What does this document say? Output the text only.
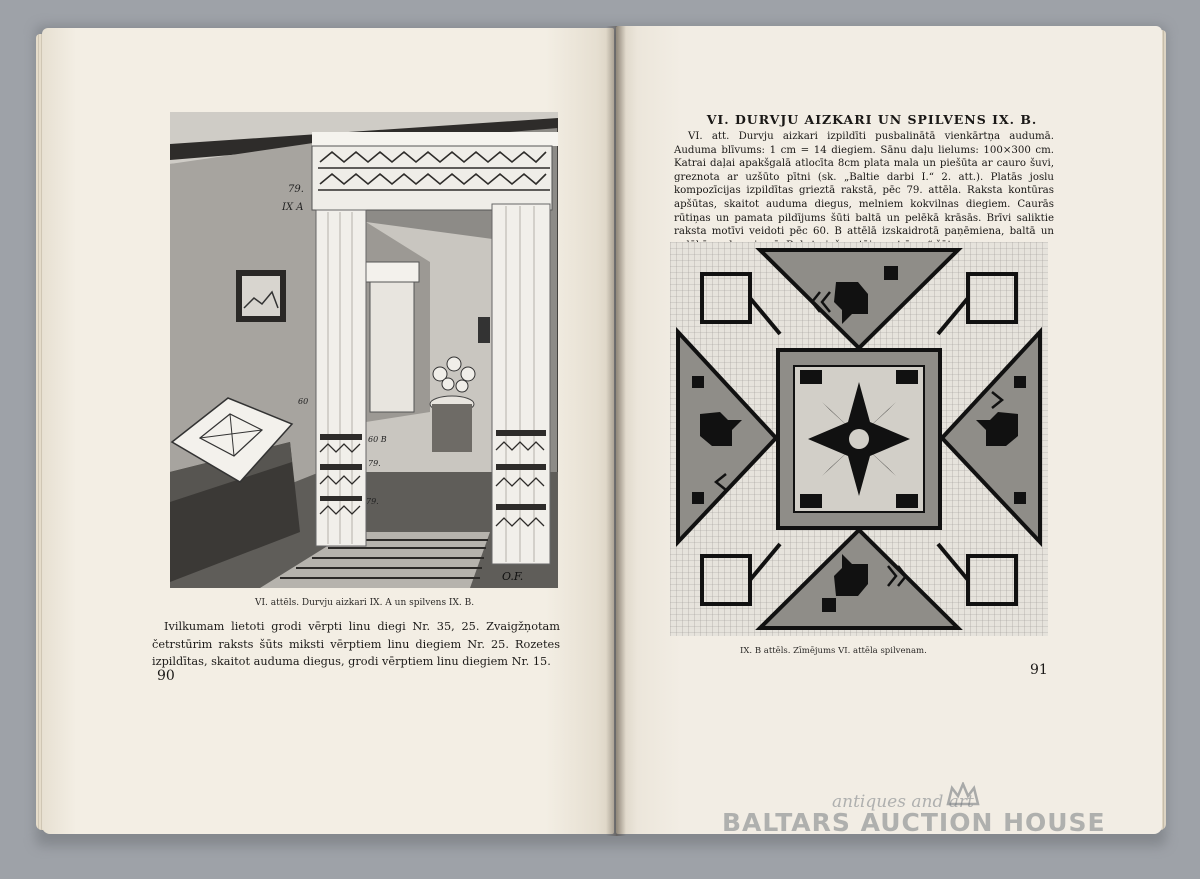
79.
IX A
60
60 B
79.
79.
O.F.
VI. attēls. Durvju aizkari IX. A un spilvens IX. B.
Ivilkumam lietoti grodi vērpti linu diegi Nr. 35, 25. Zvaigžņotam četrstūrim raksts šūts miksti vērptiem linu diegiem Nr. 25. Rozetes izpildītas, skaitot auduma diegus, grodi vērptiem linu diegiem Nr. 15.
90
VI. DURVJU AIZKARI UN SPILVENS IX. B.

VI. att. Durvju aizkari izpildīti pusbalinātā vienkārtņa audumā. Auduma blīvums: 1 cm = 14 diegiem. Sānu daļu lielums: 100×300 cm. Katrai daļai apakšgalā atlocīta 8cm plata mala un piešūta ar cauro šuvi, greznota ar uzšūto pītni (sk. „Baltie darbi I.“ 2. att.). Platās joslu kompozīcijas izpildītas grieztā rakstā, pēc 79. attēla. Raksta kontūras apšūtas, skaitot auduma diegus, melniem kokvilnas diegiem. Caurās rūtiņas un pamata pildījums šūti baltā un pelēkā krāsās. Brīvi saliktie raksta motīvi veidoti pēc 60. B attēlā izskaidrotā paņēmiena, baltā un

IX. B attēls. Zīmējums VI. attēla spilvenam.
91
antiques and art
BALTARS AUCTION HOUSE
